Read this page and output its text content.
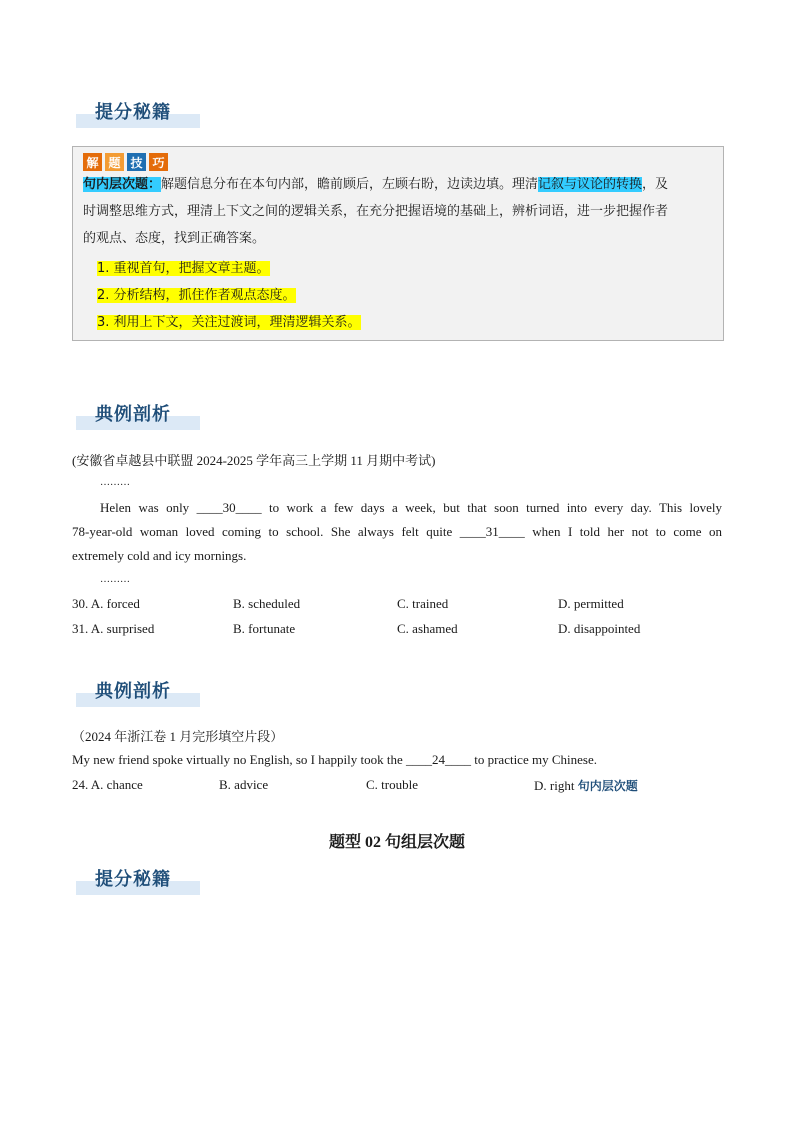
提分秘籍
解 题 技 巧

句内层次题：解题信息分布在本句内部，瞻前顾后，左顾右盼，边读边填。理清记叙与议论的转换，及

时调整思维方式，理清上下文之间的逻辑关系，在充分把握语境的基础上，辨析词语，进一步把握作者

的观点、态度，找到正确答案。

1. 重视首句，把握文章主题。
2. 分析结构，抓住作者观点态度。
3. 利用上下文，关注过渡词，理清逻辑关系。
典例剖析
(安徽省卓越县中联盟 2024-2025 学年高三上学期 11 月期中考试)
………
Helen was only ____30____ to work a few days a week, but that soon turned into every day. This lovely
78-year-old woman loved coming to school. She always felt quite ____31____ when I told her not to come on
extremely cold and icy mornings.
………
30. A. forced	B. scheduled	C. trained	D. permitted
31. A. surprised	B. fortunate	C. ashamed	D. disappointed
典例剖析
（2024 年浙江卷 1 月完形填空片段）
My new friend spoke virtually no English, so I happily took the ____24____ to practice my Chinese.
24. A. chance	B. advice	C. trouble	D. right 句内层次题
题型 02 句组层次题
提分秘籍
